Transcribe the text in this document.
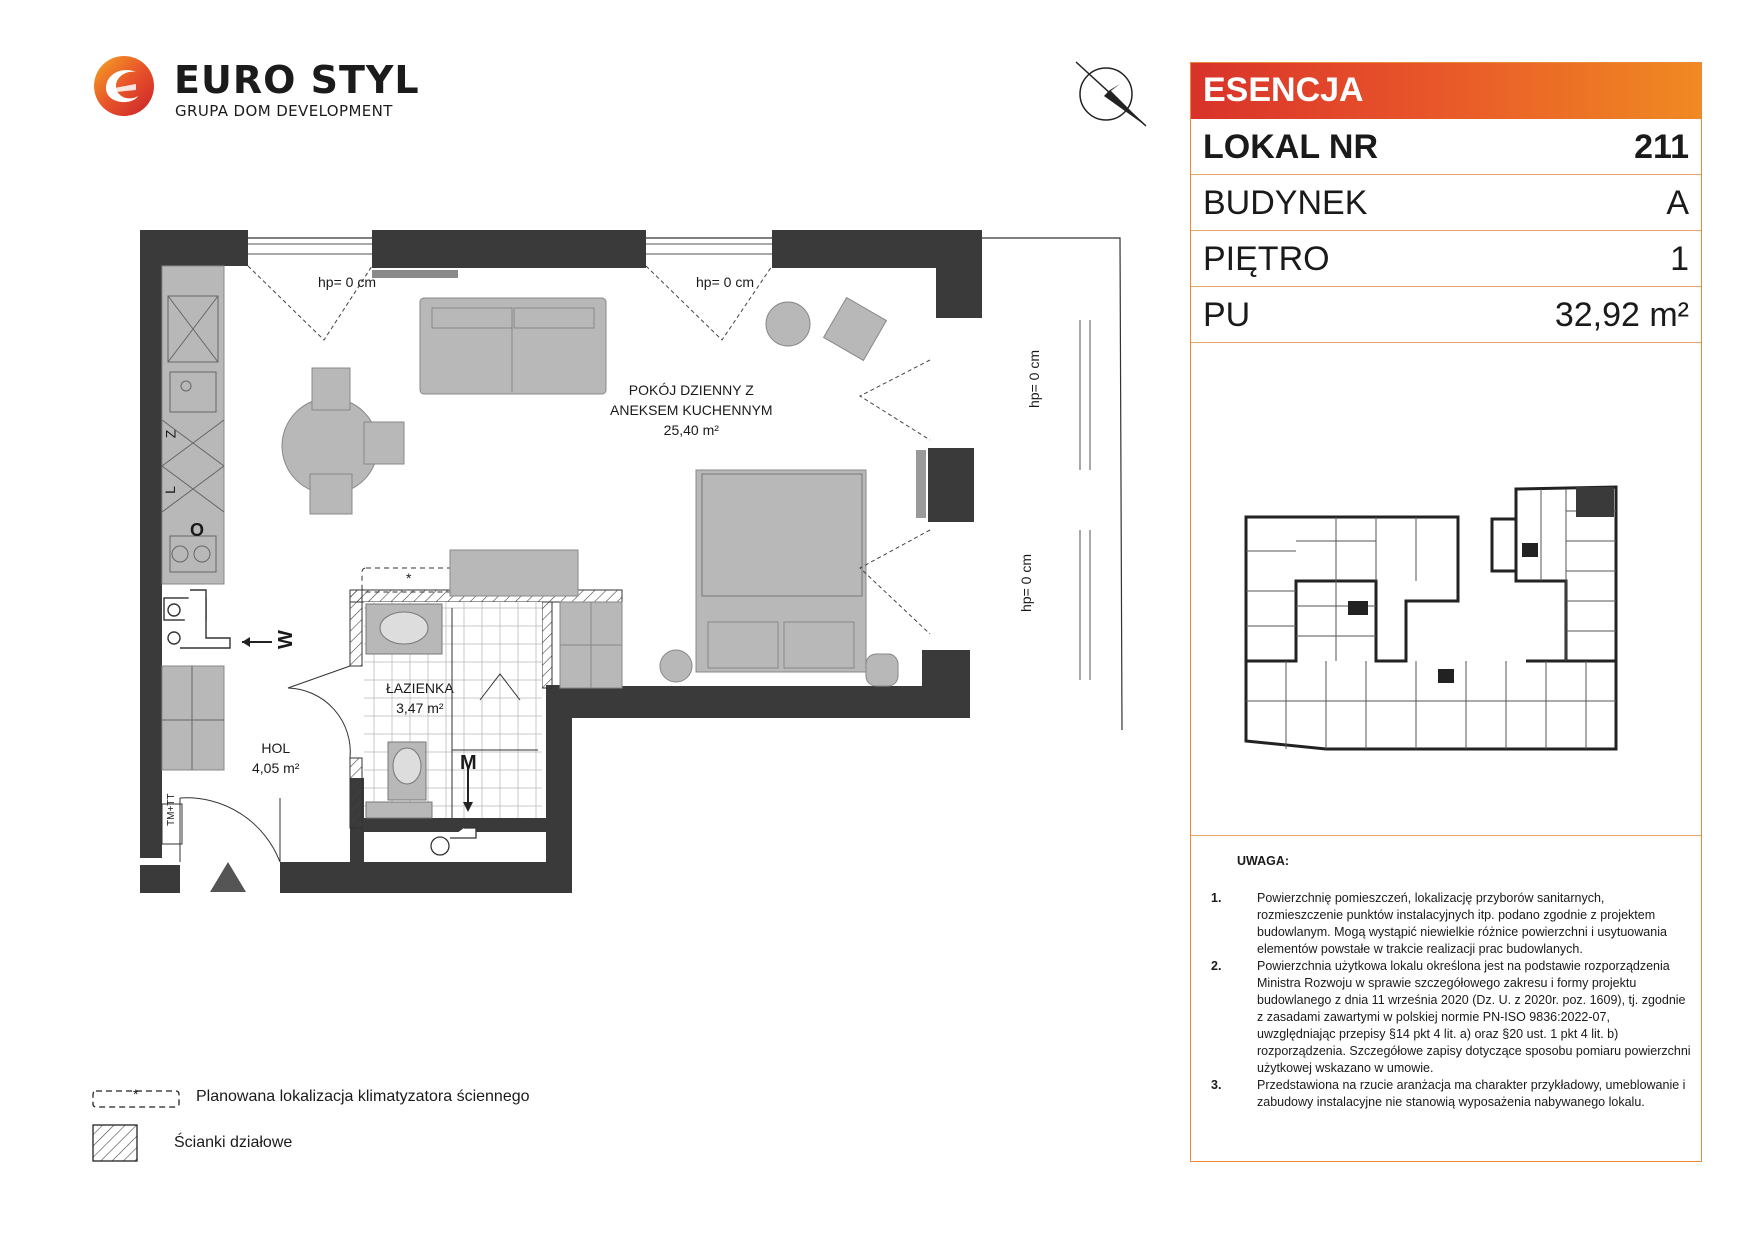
EURO STYL
GRUPA DOM DEVELOPMENT
ESENCJA
LOKAL NR	211
BUDYNEK	A
PIĘTRO	1
PU	32,92 m²
UWAGA:
1.	Powierzchnię pomieszczeń, lokalizację przyborów sanitarnych, rozmieszczenie punktów instalacyjnych itp. podano zgodnie z projektem budowlanym. Mogą wystąpić niewielkie różnice powierzchni i usytuowania elementów powstałe w trakcie realizacji prac budowlanych.
2.	Powierzchnia użytkowa lokalu określona jest na podstawie rozporządzenia Ministra Rozwoju w sprawie szczegółowego zakresu i formy projektu budowlanego z dnia 11 września 2020 (Dz. U. z 2020r. poz. 1609), tj. zgodnie z zasadami zawartymi w polskiej normie PN-ISO 9836:2022-07, uwzględniając przepisy §14 pkt 4 lit. a) oraz §20 ust. 1 pkt 4 lit. b) rozporządzenia. Szczegółowe zapisy dotyczące sposobu pomiaru powierzchni użytkowej wskazano w umowie.
3.	Przedstawiona na rzucie aranżacja ma charakter przykładowy, umeblowanie i zabudowy instalacyjne nie stanowią wyposażenia nabywanego lokalu.
POKÓJ DZIENNY Z
ANEKSEM KUCHENNYM
25,40 m²
ŁAZIENKA
3,47 m²
HOL
4,05 m²
hp= 0 cm	hp= 0 cm
hp= 0 cm
hp= 0 cm
W
M
TM+TT
Z
L
O
*
*	Planowana lokalizacja klimatyzatora ściennego
Ścianki działowe
